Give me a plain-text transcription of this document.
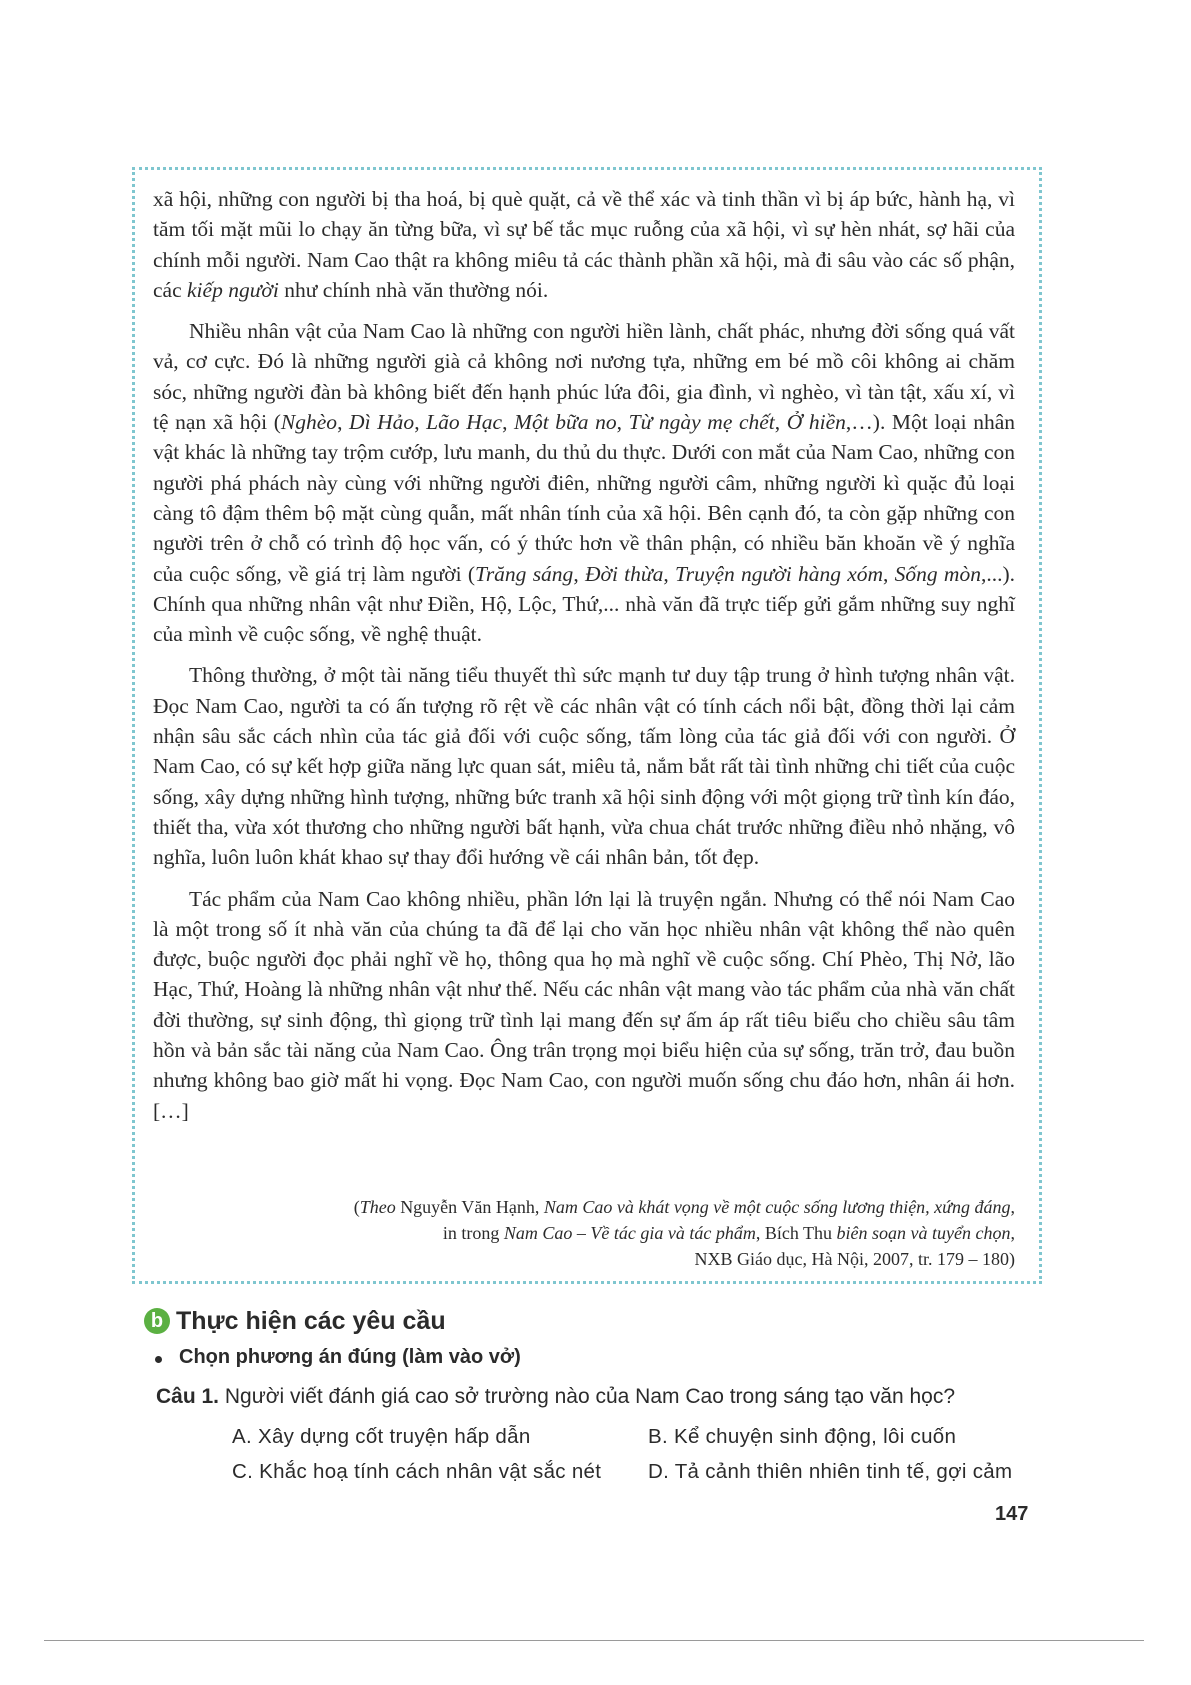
xã hội, những con người bị tha hoá, bị què quặt, cả về thể xác và tinh thần vì bị áp bức, hành hạ, vì tăm tối mặt mũi lo chạy ăn từng bữa, vì sự bế tắc mục ruỗng của xã hội, vì sự hèn nhát, sợ hãi của chính mỗi người. Nam Cao thật ra không miêu tả các thành phần xã hội, mà đi sâu vào các số phận, các kiếp người như chính nhà văn thường nói.

Nhiều nhân vật của Nam Cao là những con người hiền lành, chất phác, nhưng đời sống quá vất vả, cơ cực. Đó là những người già cả không nơi nương tựa, những em bé mồ côi không ai chăm sóc, những người đàn bà không biết đến hạnh phúc lứa đôi, gia đình, vì nghèo, vì tàn tật, xấu xí, vì tệ nạn xã hội (Nghèo, Dì Hảo, Lão Hạc, Một bữa no, Từ ngày mẹ chết, Ở hiền,…). Một loại nhân vật khác là những tay trộm cướp, lưu manh, du thủ du thực. Dưới con mắt của Nam Cao, những con người phá phách này cùng với những người điên, những người câm, những người kì quặc đủ loại càng tô đậm thêm bộ mặt cùng quẫn, mất nhân tính của xã hội. Bên cạnh đó, ta còn gặp những con người trên ở chỗ có trình độ học vấn, có ý thức hơn về thân phận, có nhiều băn khoăn về ý nghĩa của cuộc sống, về giá trị làm người (Trăng sáng, Đời thừa, Truyện người hàng xóm, Sống mòn,...). Chính qua những nhân vật như Điền, Hộ, Lộc, Thứ,... nhà văn đã trực tiếp gửi gắm những suy nghĩ của mình về cuộc sống, về nghệ thuật.

Thông thường, ở một tài năng tiểu thuyết thì sức mạnh tư duy tập trung ở hình tượng nhân vật. Đọc Nam Cao, người ta có ấn tượng rõ rệt về các nhân vật có tính cách nổi bật, đồng thời lại cảm nhận sâu sắc cách nhìn của tác giả đối với cuộc sống, tấm lòng của tác giả đối với con người. Ở Nam Cao, có sự kết hợp giữa năng lực quan sát, miêu tả, nắm bắt rất tài tình những chi tiết của cuộc sống, xây dựng những hình tượng, những bức tranh xã hội sinh động với một giọng trữ tình kín đáo, thiết tha, vừa xót thương cho những người bất hạnh, vừa chua chát trước những điều nhỏ nhặng, vô nghĩa, luôn luôn khát khao sự thay đổi hướng về cái nhân bản, tốt đẹp.

Tác phẩm của Nam Cao không nhiều, phần lớn lại là truyện ngắn. Nhưng có thể nói Nam Cao là một trong số ít nhà văn của chúng ta đã để lại cho văn học nhiều nhân vật không thể nào quên được, buộc người đọc phải nghĩ về họ, thông qua họ mà nghĩ về cuộc sống. Chí Phèo, Thị Nở, lão Hạc, Thứ, Hoàng là những nhân vật như thế. Nếu các nhân vật mang vào tác phẩm của nhà văn chất đời thường, sự sinh động, thì giọng trữ tình lại mang đến sự ấm áp rất tiêu biểu cho chiều sâu tâm hồn và bản sắc tài năng của Nam Cao. Ông trân trọng mọi biểu hiện của sự sống, trăn trở, đau buồn nhưng không bao giờ mất hi vọng. Đọc Nam Cao, con người muốn sống chu đáo hơn, nhân ái hơn. […]

(Theo Nguyễn Văn Hạnh, Nam Cao và khát vọng về một cuộc sống lương thiện, xứng đáng,
in trong Nam Cao – Về tác gia và tác phẩm, Bích Thu biên soạn và tuyển chọn,
NXB Giáo dục, Hà Nội, 2007, tr. 179 – 180)
b Thực hiện các yêu cầu
Chọn phương án đúng (làm vào vở)
Câu 1. Người viết đánh giá cao sở trường nào của Nam Cao trong sáng tạo văn học?
A. Xây dựng cốt truyện hấp dẫn	B. Kể chuyện sinh động, lôi cuốn
C. Khắc hoạ tính cách nhân vật sắc nét D. Tả cảnh thiên nhiên tinh tế, gợi cảm
147
